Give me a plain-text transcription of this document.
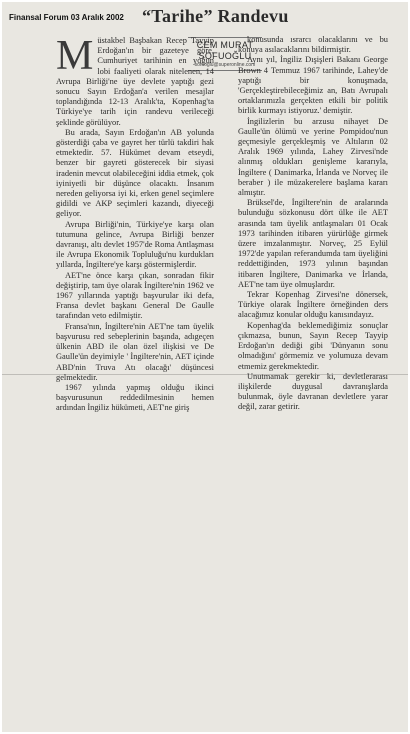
Finansal Forum 03 Aralık 2002 “Tarihe” Randevu
CEM MURAT
SOFUOĞLU
sofuoglu@superonline.com

Müstakbel Başbakan Recep Tayyip Erdoğan'ın bir gazeteye göre, Cumhuriyet tarihinin en yoğun lobi faaliyeti olarak nitelenen, 14 Avrupa Birliği'ne üye devlete yaptığı gezi sonucu Sayın Erdoğan'a verilen mesajlar toplandığında 12-13 Aralık'ta, Kopenhag'ta Türkiye'ye tarih için randevu verileceği şeklinde görülüyor.

Bu arada, Sayın Erdoğan'ın AB yolunda gösterdiği çaba ve gayret her türlü takdiri hak etmektedir. 57. Hükümet devam etseydi, benzer bir gayreti gösterecek bir siyasi iradenin mevcut olabileceğini iddia etmek, çok iyiniyetli bir düşünce olacaktı. İnsanım nereden geliyorsa iyi ki, erken genel seçimlere gidildi ve AKP seçimleri kazandı, diyeceği geliyor.

Avrupa Birliği'nin, Türkiye'ye karşı olan tutumuna gelince, Avrupa Birliği benzer davranışı, altı devlet 1957'de Roma Antlaşması ile Avrupa Ekonomik Topluluğu'nu kurdukları yıllarda, İngiltere'ye karşı göstermişlerdir.

AET'ne önce karşı çıkan, sonradan fikir değiştirip, tam üye olarak İngiltere'nin 1962 ve 1967 yıllarında yaptığı başvurular iki defa, Fransa devlet başkanı General De Gaulle tarafından veto edilmiştir.

Fransa'nın, İngiltere'nin AET'ne tam üyelik başvurusu red sebeplerinin başında, adıgeçen ülkenin ABD ile olan özel ilişkisi ve De Gaulle'ün deyimiyle ' İngiltere'nin, AET içinde ABD'nin Truva Atı olacağı' düşüncesi gelmektedir.

1967 yılında yapmış olduğu ikinci başvurusunun reddedilmesinin hemen ardından İngiliz hükümeti, AET'ne giriş

konusunda ısrarcı olacaklarını ve bu konuya asılacaklarını bildirmiştir.

Aynı yıl, İngiliz Dışişleri Bakanı George Brown 4 Temmuz 1967 tarihinde, Lahey'de yaptığı bir konuşmada, 'Gerçekleştirebileceğimiz an, Batı Avrupalı ortaklarımızla gerçekten etkili bir politik birlik kurmayı istiyoruz.' demiştir.

İngilizlerin bu arzusu nihayet De Gaulle'ün ölümü ve yerine Pompidou'nun geçmesiyle gerçekleşmiş ve Altıların 02 Aralık 1969 yılında, Lahey Zirvesi'nde alınmış oldukları genişleme kararıyla, İngiltere ( Danimarka, İrlanda ve Norveç ile beraber ) ile müzakerelere başlama kararı almıştır.

Brüksel'de, İngiltere'nin de aralarında bulunduğu sözkonusu dört ülke ile AET arasında tam üyelik antlaşmaları 01 Ocak 1973 tarihinden itibaren yürürlüğe girmek üzere imzalanmıştır. Norveç, 25 Eylül 1972'de yapılan referandumda tam üyeliğini reddettiğinden, 1973 yılının başından itibaren İngiltere, Danimarka ve İrlanda, AET'ne tam üye olmuşlardır.

Tekrar Kopenhag Zirvesi'ne dönersek, Türkiye olarak İngiltere örneğinden ders alacağımız konular olduğu kanısındayız.

Kopenhag'da beklemediğimiz sonuçlar çıkmazsa, bunun, Sayın Recep Tayyip Erdoğan'ın dediği gibi 'Dünyanın sonu olmadığını' görmemiz ve yolumuza devam etmemiz gerekmektedir.

Unutmamak gerekir ki, devletlerarası ilişkilerde duygusal davranışlarda bulunmak, öyle davranan devletlere yarar değil, zarar getirir.
